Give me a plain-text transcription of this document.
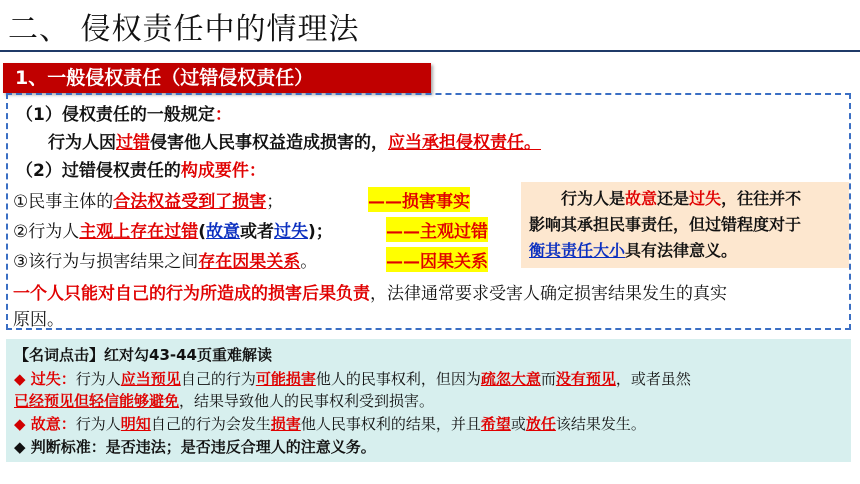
二、 侵权责任中的情理法
1、一般侵权责任（过错侵权责任）
（1）侵权责任的一般规定：
行为人因过错侵害他人民事权益造成损害的，应当承担侵权责任。
（2）过错侵权责任的构成要件：
①民事主体的合法权益受到了损害；	——损害事实
②行为人主观上存在过错(故意或者过失)；	——主观过错
③该行为与损害结果之间存在因果关系。	——因果关系
行为人是故意还是过失，往往并不
影响其承担民事责任，但过错程度对于
衡其责任大小具有法律意义。
一个人只能对自己的行为所造成的损害后果负责，法律通常要求受害人确定损害结果发生的真实
原因。
【名词点击】红对勾43-44页重难解读
◆ 过失：行为人应当预见自己的行为可能损害他人的民事权利，但因为疏忽大意而没有预见，或者虽然
已经预见但轻信能够避免，结果导致他人的民事权利受到损害。
◆ 故意：行为人明知自己的行为会发生损害他人民事权利的结果，并且希望或放任该结果发生。
◆ 判断标准：是否违法；是否违反合理人的注意义务。
